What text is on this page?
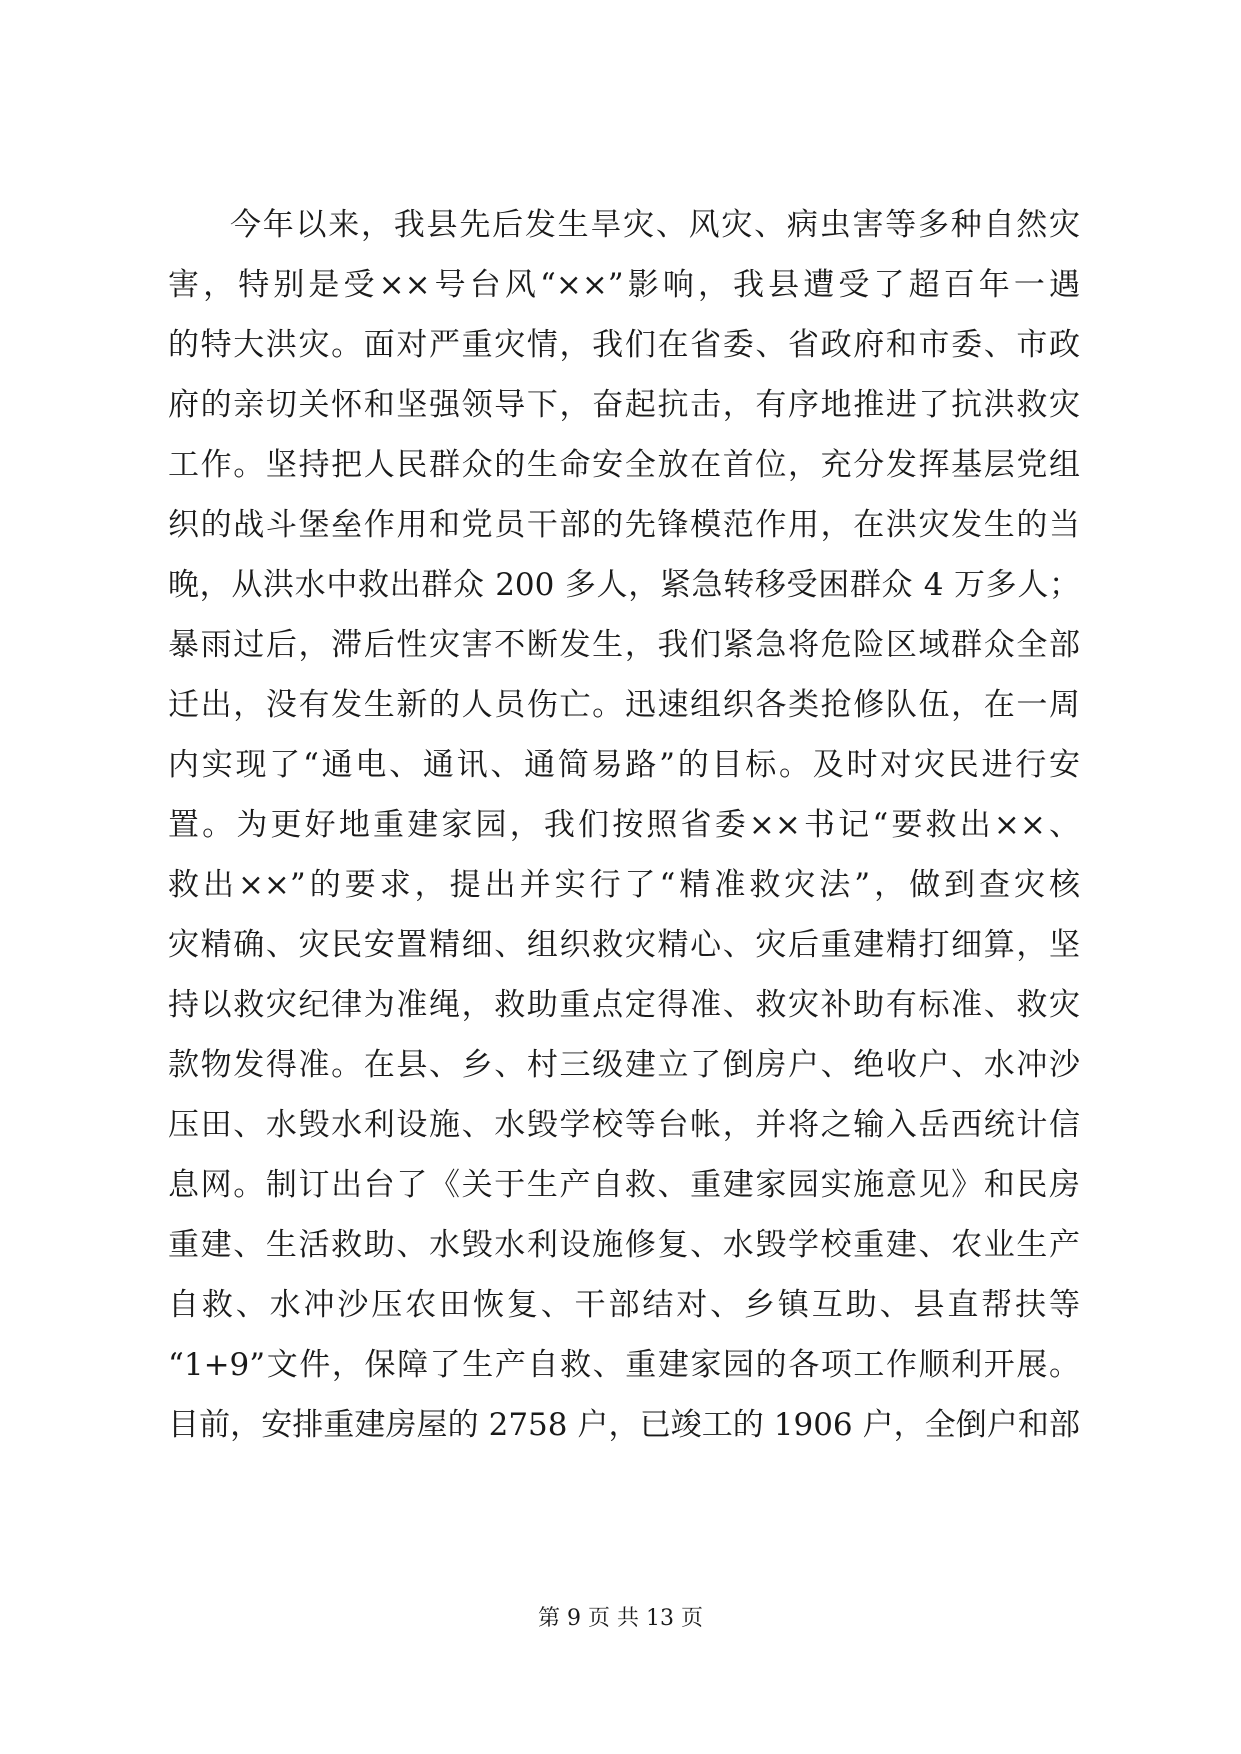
今年以来，我县先后发生旱灾、风灾、病虫害等多种自然灾
害，特别是受××号台风“××”影响，我县遭受了超百年一遇
的特大洪灾。面对严重灾情，我们在省委、省政府和市委、市政
府的亲切关怀和坚强领导下，奋起抗击，有序地推进了抗洪救灾
工作。坚持把人民群众的生命安全放在首位，充分发挥基层党组
织的战斗堡垒作用和党员干部的先锋模范作用，在洪灾发生的当
晚，从洪水中救出群众 200 多人，紧急转移受困群众 4 万多人；
暴雨过后，滞后性灾害不断发生，我们紧急将危险区域群众全部
迁出，没有发生新的人员伤亡。迅速组织各类抢修队伍，在一周
内实现了“通电、通讯、通简易路”的目标。及时对灾民进行安
置。为更好地重建家园，我们按照省委××书记“要救出××、
救出××”的要求，提出并实行了“精准救灾法”，做到查灾核
灾精确、灾民安置精细、组织救灾精心、灾后重建精打细算，坚
持以救灾纪律为准绳，救助重点定得准、救灾补助有标准、救灾
款物发得准。在县、乡、村三级建立了倒房户、绝收户、水冲沙
压田、水毁水利设施、水毁学校等台帐，并将之输入岳西统计信
息网。制订出台了《关于生产自救、重建家园实施意见》和民房
重建、生活救助、水毁水利设施修复、水毁学校重建、农业生产
自救、水冲沙压农田恢复、干部结对、乡镇互助、县直帮扶等
“1+9”文件，保障了生产自救、重建家园的各项工作顺利开展。
目前，安排重建房屋的 2758 户，已竣工的 1906 户，全倒户和部
第 9 页 共 13 页
